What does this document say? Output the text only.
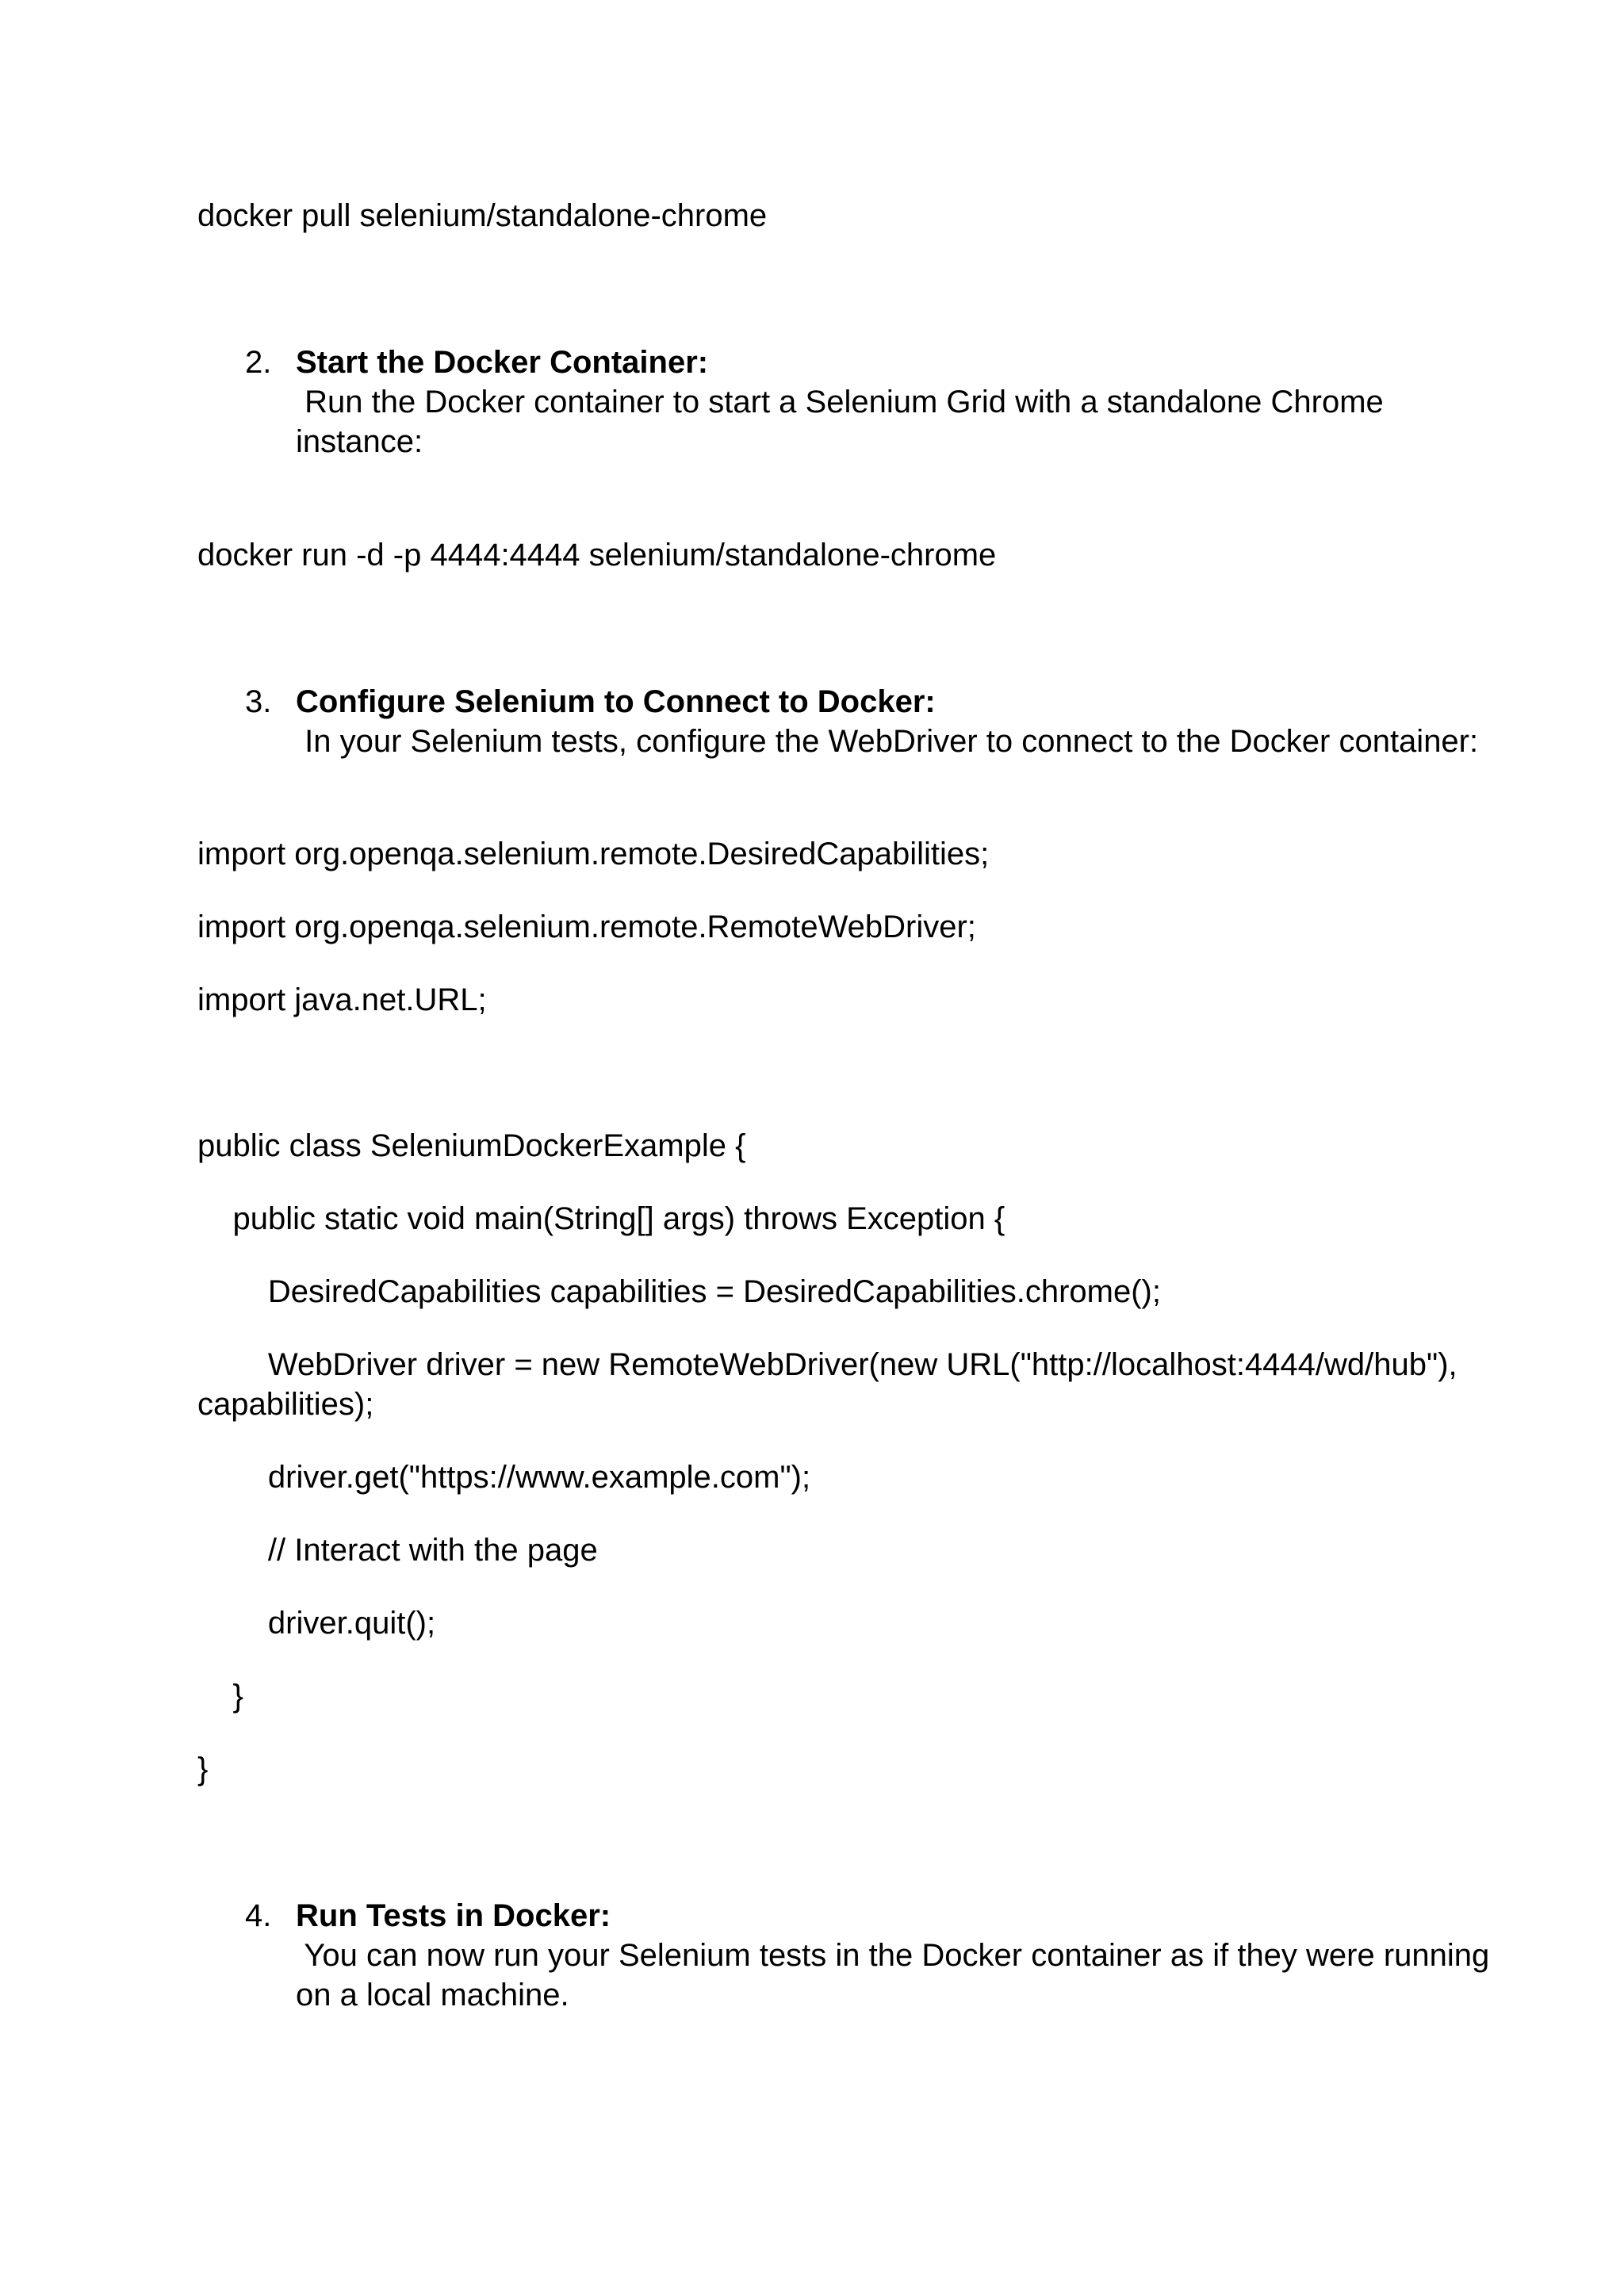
docker pull selenium/standalone-chrome
2. Start the Docker Container:
Run the Docker container to start a Selenium Grid with a standalone Chrome
instance:
docker run -d -p 4444:4444 selenium/standalone-chrome
3. Configure Selenium to Connect to Docker:
In your Selenium tests, configure the WebDriver to connect to the Docker container:
import org.openqa.selenium.remote.DesiredCapabilities;
import org.openqa.selenium.remote.RemoteWebDriver;
import java.net.URL;
public class SeleniumDockerExample {
public static void main(String[] args) throws Exception {
DesiredCapabilities capabilities = DesiredCapabilities.chrome();
WebDriver driver = new RemoteWebDriver(new URL("http://localhost:4444/wd/hub"),
capabilities);
driver.get("https://www.example.com");
// Interact with the page
driver.quit();
}
}
4. Run Tests in Docker:
You can now run your Selenium tests in the Docker container as if they were running
on a local machine.
